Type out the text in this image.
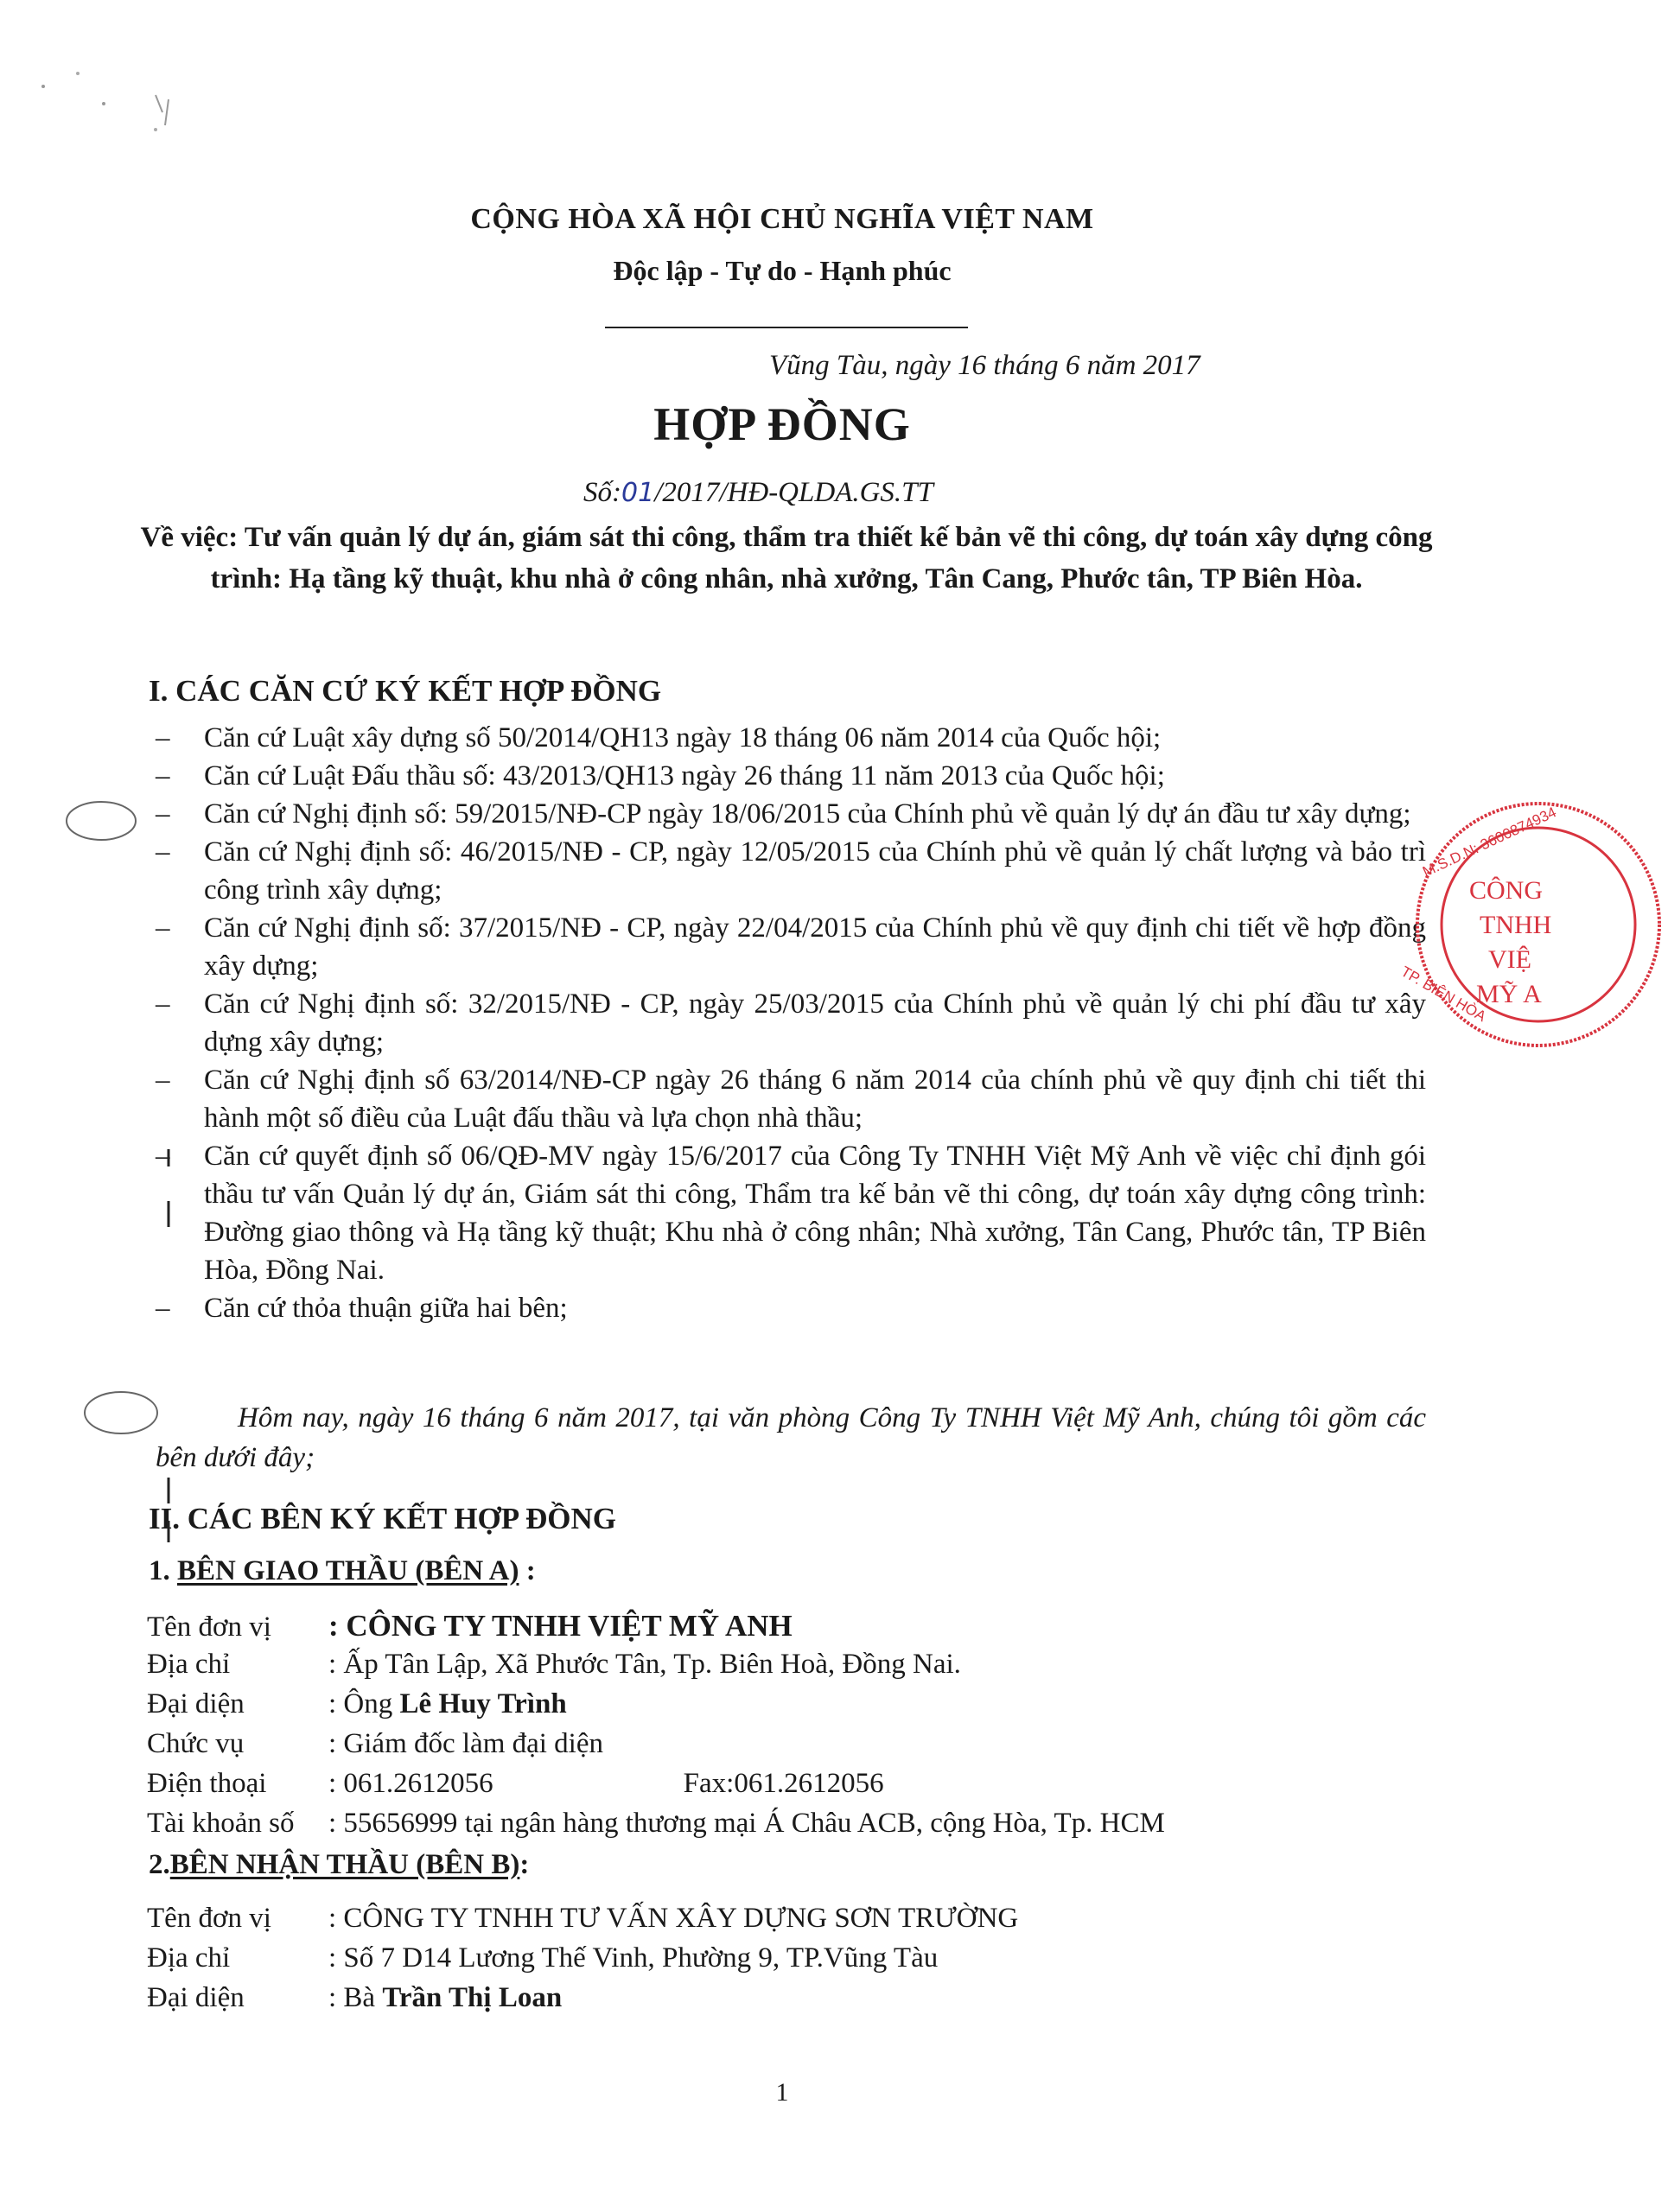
CỘNG HÒA XÃ HỘI CHỦ NGHĨA VIỆT NAM
Độc lập - Tự do - Hạnh phúc
Vũng Tàu, ngày 16 tháng 6 năm 2017
HỢP ĐỒNG
Số:01/2017/HĐ-QLDA.GS.TT
Về việc: Tư vấn quản lý dự án, giám sát thi công, thẩm tra thiết kế bản vẽ thi công, dự toán xây dựng công trình: Hạ tầng kỹ thuật, khu nhà ở công nhân, nhà xưởng, Tân Cang, Phước tân, TP Biên Hòa.
I. CÁC CĂN CỨ KÝ KẾT HỢP ĐỒNG
–	Căn cứ Luật xây dựng số 50/2014/QH13 ngày 18 tháng 06 năm 2014 của Quốc hội;
–	Căn cứ Luật Đấu thầu số: 43/2013/QH13 ngày 26 tháng 11 năm 2013 của Quốc hội;
–	Căn cứ Nghị định số: 59/2015/NĐ-CP ngày 18/06/2015 của Chính phủ về quản lý dự án đầu tư xây dựng;
–	Căn cứ Nghị định số: 46/2015/NĐ - CP, ngày 12/05/2015 của Chính phủ về quản lý chất lượng và bảo trì công trình xây dựng;
–	Căn cứ Nghị định số: 37/2015/NĐ - CP, ngày 22/04/2015 của Chính phủ về quy định chi tiết về hợp đồng xây dựng;
–	Căn cứ Nghị định số: 32/2015/NĐ - CP, ngày 25/03/2015 của Chính phủ về quản lý chi phí đầu tư xây dựng xây dựng;
–	Căn cứ Nghị định số 63/2014/NĐ-CP ngày 26 tháng 6 năm 2014 của chính phủ về quy định chi tiết thi hành một số điều của Luật đấu thầu và lựa chọn nhà thầu;
–	Căn cứ quyết định số 06/QĐ-MV ngày 15/6/2017 của Công Ty TNHH Việt Mỹ Anh về việc chỉ định gói thầu tư vấn Quản lý dự án, Giám sát thi công, Thẩm tra kế bản vẽ thi công, dự toán xây dựng công trình: Đường giao thông và Hạ tầng kỹ thuật; Khu nhà ở công nhân; Nhà xưởng, Tân Cang, Phước tân, TP Biên Hòa, Đồng Nai.
–	Căn cứ thỏa thuận giữa hai bên;
Hôm nay, ngày 16 tháng 6 năm 2017, tại văn phòng Công Ty TNHH Việt Mỹ Anh, chúng tôi gồm các bên dưới đây;
II. CÁC BÊN KÝ KẾT HỢP ĐỒNG
1. BÊN GIAO THẦU (BÊN A) :
Tên đơn vị	: CÔNG TY TNHH VIỆT MỸ ANH
Địa chỉ	: Ấp Tân Lập, Xã Phước Tân, Tp. Biên Hoà, Đồng Nai.
Đại diện	: Ông Lê Huy Trình
Chức vụ	: Giám đốc làm đại diện
Điện thoại	: 061.2612056	Fax:061.2612056
Tài khoản số	: 55656999 tại ngân hàng thương mại Á Châu ACB, cộng Hòa, Tp. HCM
2.BÊN NHẬN THẦU (BÊN B):
Tên đơn vị	: CÔNG TY TNHH TƯ VẤN XÂY DỰNG SƠN TRƯỜNG
Địa chỉ	: Số 7 D14 Lương Thế Vinh, Phường 9, TP.Vũng Tàu
Đại diện	: Bà Trần Thị Loan
1
CÔNG
TNHH
VIỆ
MỸ A
M.S.D.N: 3600874934
TP. BIÊN HÒA
